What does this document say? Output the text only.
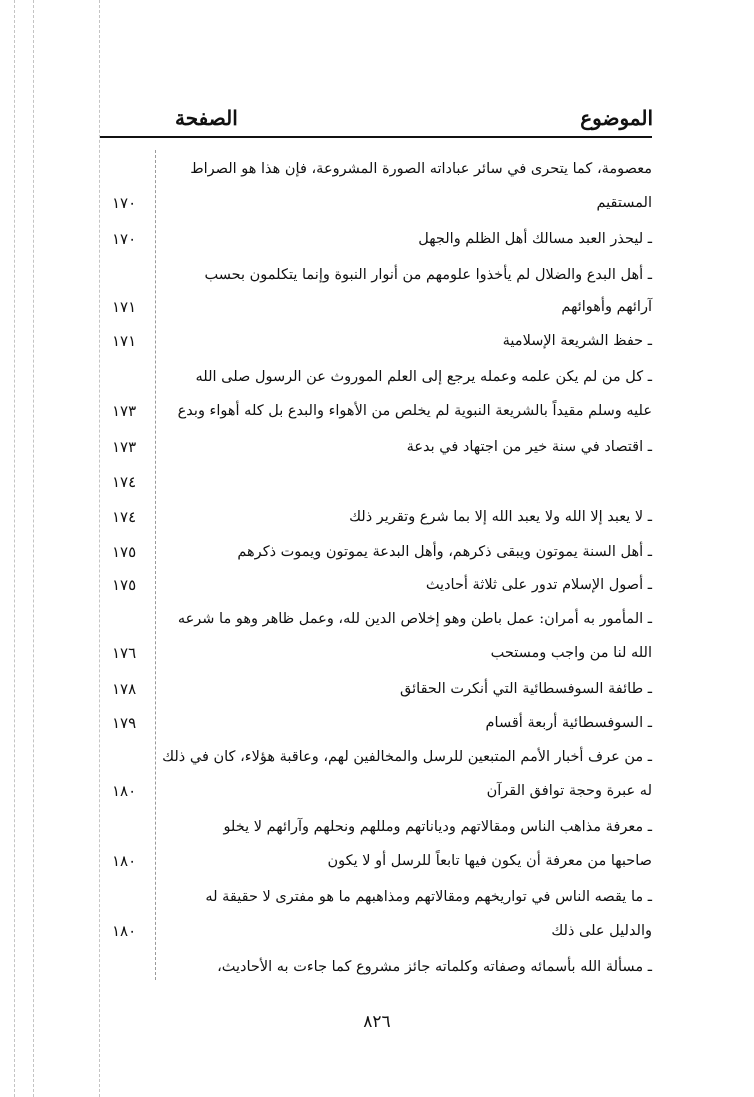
الموضوع
الصفحة
معصومة، كما يتحرى في سائر عباداته الصورة المشروعة، فإن هذا هو الصراط
المستقيم
١٧٠
ـ ليحذر العبد مسالك أهل الظلم والجهل
١٧٠
ـ أهل البدع والضلال لم يأخذوا علومهم من أنوار النبوة وإنما يتكلمون بحسب
آرائهم وأهوائهم
١٧١
ـ حفظ الشريعة الإسلامية
١٧١
ـ كل من لم يكن علمه وعمله يرجع إلى العلم الموروث عن الرسول صلى الله
عليه وسلم مقيداً بالشريعة النبوية لم يخلص من الأهواء والبدع بل كله أهواء وبدع
١٧٣
ـ اقتصاد في سنة خير من اجتهاد في بدعة
١٧٣
١٧٤
ـ لا يعبد إلا الله ولا يعبد الله إلا بما شرع وتقرير ذلك
١٧٤
ـ أهل السنة يموتون ويبقى ذكرهم، وأهل البدعة يموتون ويموت ذكرهم
١٧٥
ـ أصول الإسلام تدور على ثلاثة أحاديث
١٧٥
ـ المأمور به أمران: عمل باطن وهو إخلاص الدين لله، وعمل ظاهر وهو ما شرعه
الله لنا من واجب ومستحب
١٧٦
ـ طائفة السوفسطائية التي أنكرت الحقائق
١٧٨
ـ السوفسطائية أربعة أقسام
١٧٩
ـ من عرف أخبار الأمم المتبعين للرسل والمخالفين لهم، وعاقبة هؤلاء، كان في ذلك
له عبرة وحجة توافق القرآن
١٨٠
ـ معرفة مذاهب الناس ومقالاتهم ودياناتهم ومللهم ونحلهم وآرائهم لا يخلو
صاحبها من معرفة أن يكون فيها تابعاً للرسل أو لا يكون
١٨٠
ـ ما يقصه الناس في تواريخهم ومقالاتهم ومذاهبهم ما هو مفترى لا حقيقة له
والدليل على ذلك
١٨٠
ـ مسألة الله بأسمائه وصفاته وكلماته جائز مشروع كما جاءت به الأحاديث،
٨٢٦
